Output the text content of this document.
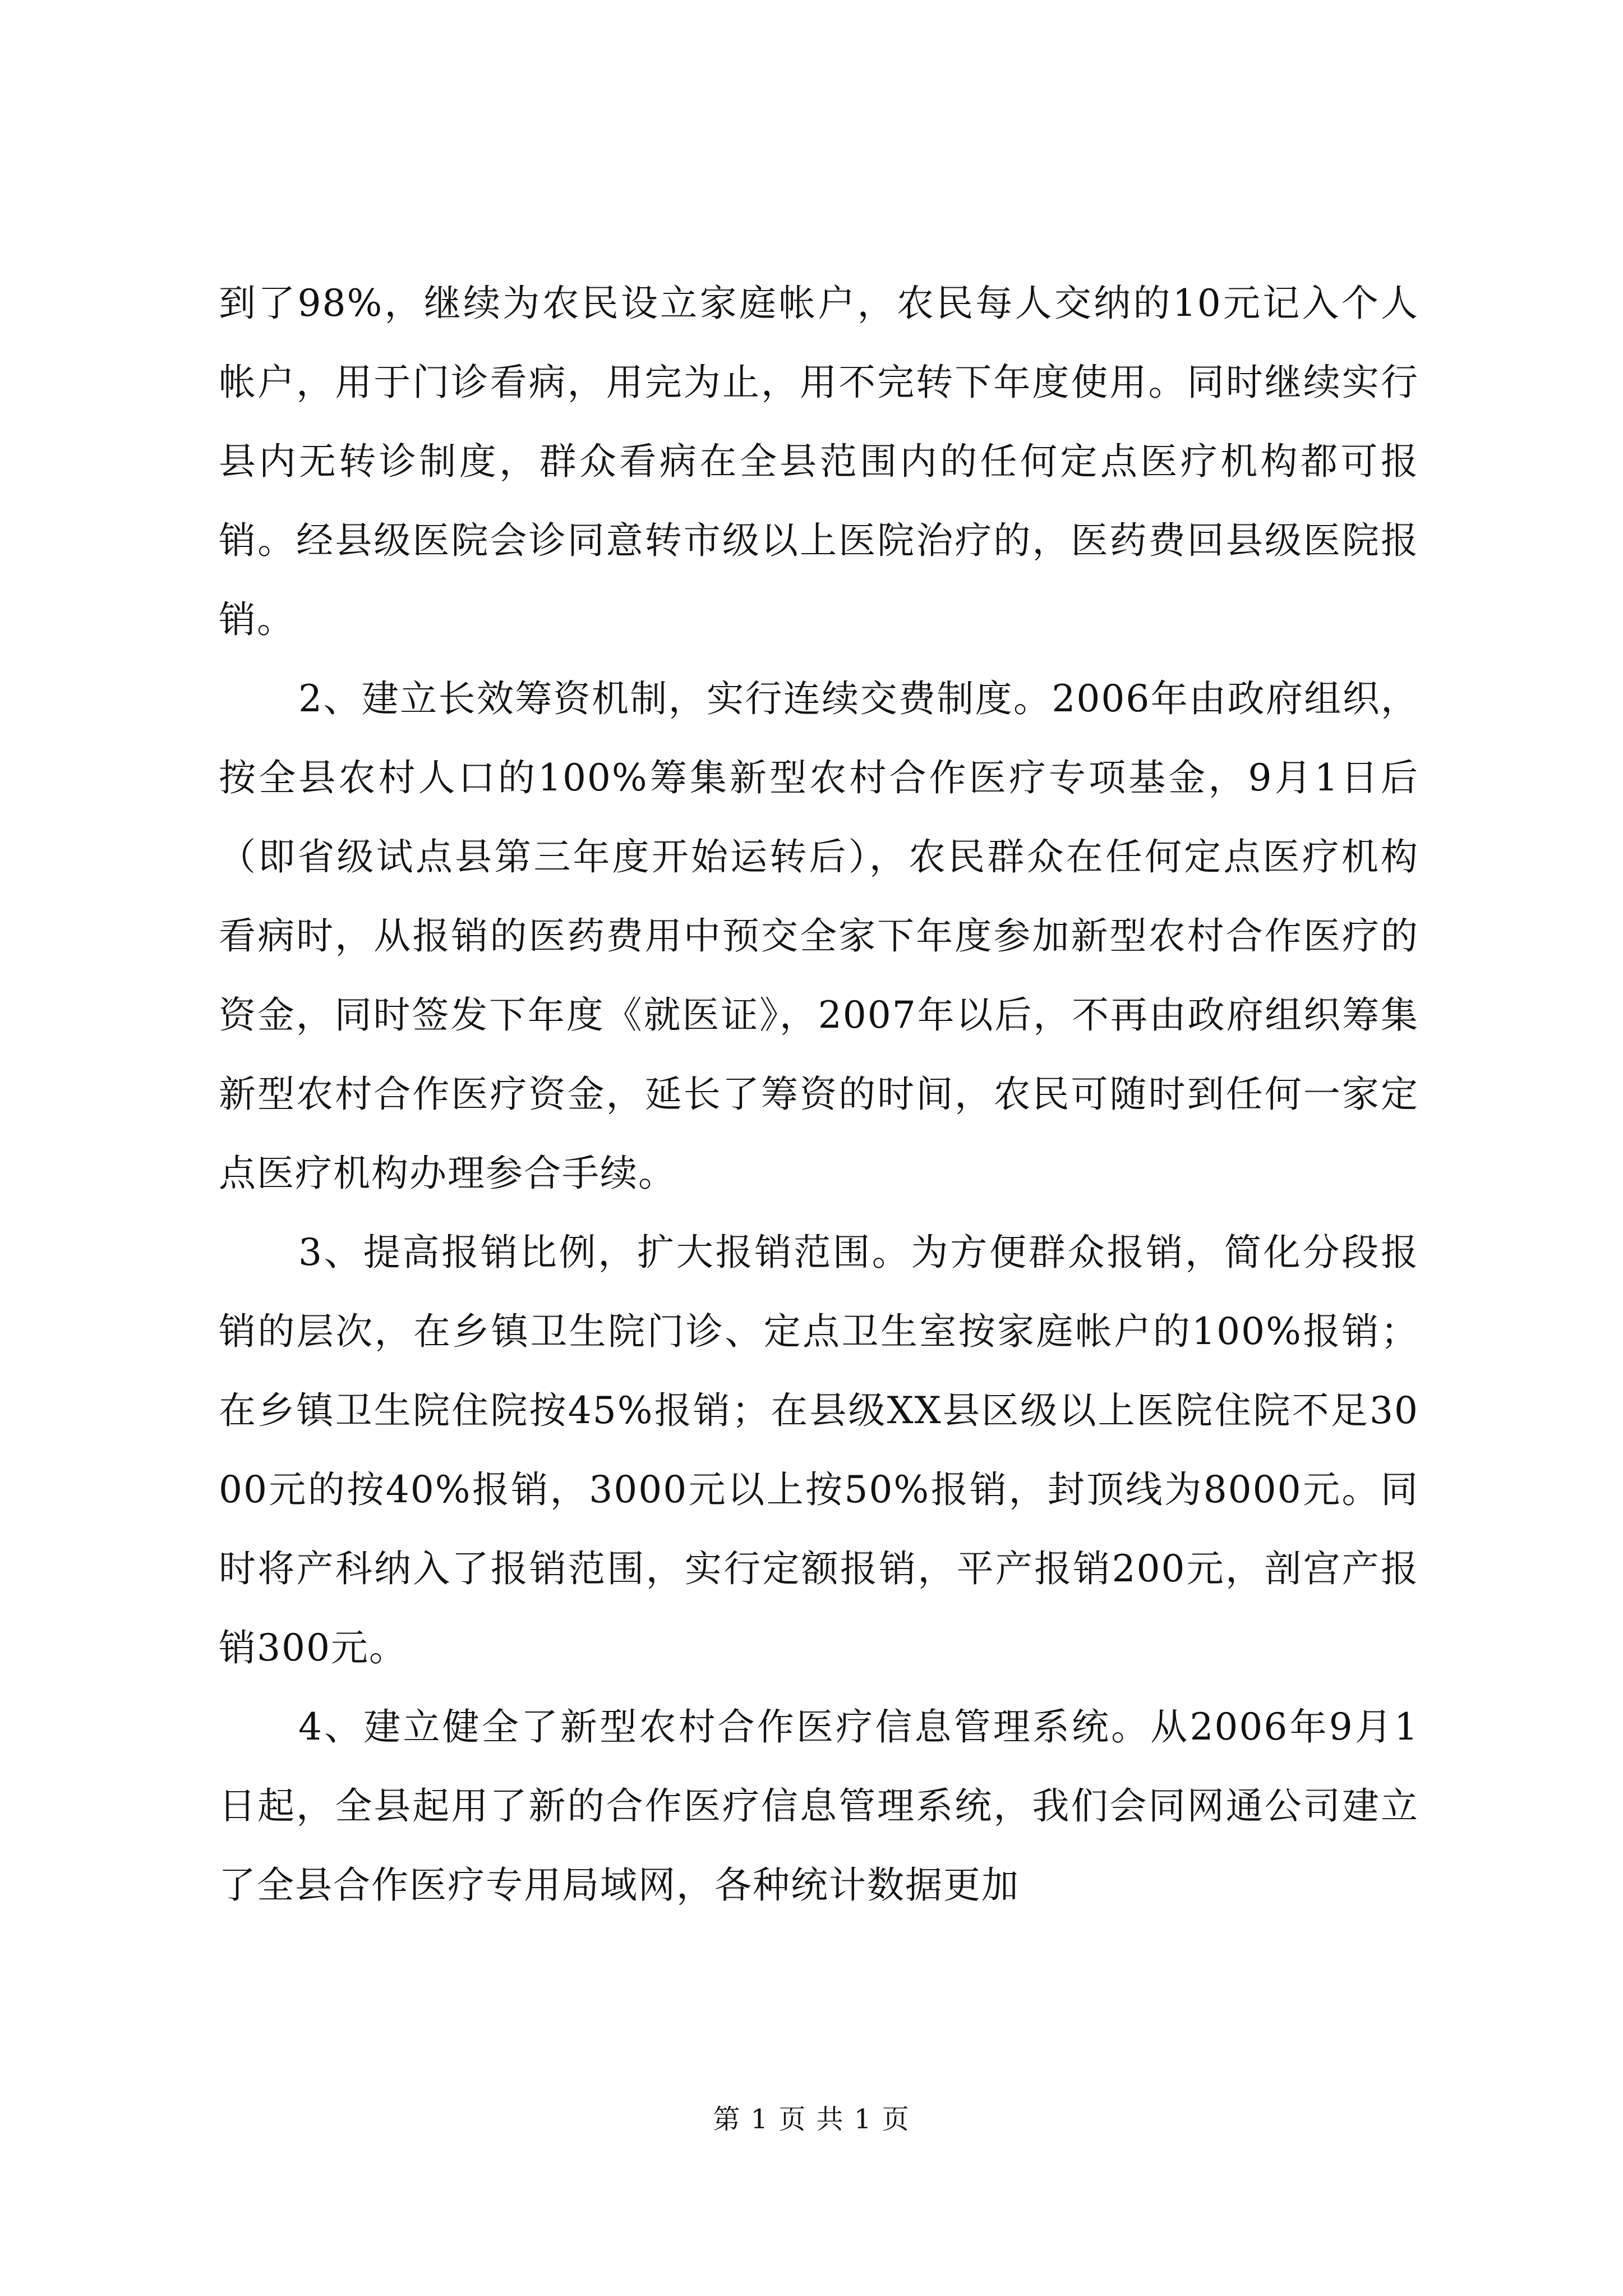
到了98%，继续为农民设立家庭帐户，农民每人交纳的10元记入个人帐户，用于门诊看病，用完为止，用不完转下年度使用。同时继续实行县内无转诊制度，群众看病在全县范围内的任何定点医疗机构都可报销。经县级医院会诊同意转市级以上医院治疗的，医药费回县级医院报销。

2、建立长效筹资机制，实行连续交费制度。2006年由政府组织，按全县农村人口的100%筹集新型农村合作医疗专项基金，9月1日后（即省级试点县第三年度开始运转后），农民群众在任何定点医疗机构看病时，从报销的医药费用中预交全家下年度参加新型农村合作医疗的资金，同时签发下年度《就医证》，2007年以后，不再由政府组织筹集新型农村合作医疗资金，延长了筹资的时间，农民可随时到任何一家定点医疗机构办理参合手续。

3、提高报销比例，扩大报销范围。为方便群众报销，简化分段报销的层次，在乡镇卫生院门诊、定点卫生室按家庭帐户的100%报销；在乡镇卫生院住院按45%报销；在县级XX县区级以上医院住院不足3000元的按40%报销，3000元以上按50%报销，封顶线为8000元。同时将产科纳入了报销范围，实行定额报销，平产报销200元，剖宫产报销300元。

4、建立健全了新型农村合作医疗信息管理系统。从2006年9月1日起，全县起用了新的合作医疗信息管理系统，我们会同网通公司建立了全县合作医疗专用局域网，各种统计数据更加

第 1 页 共 1 页
